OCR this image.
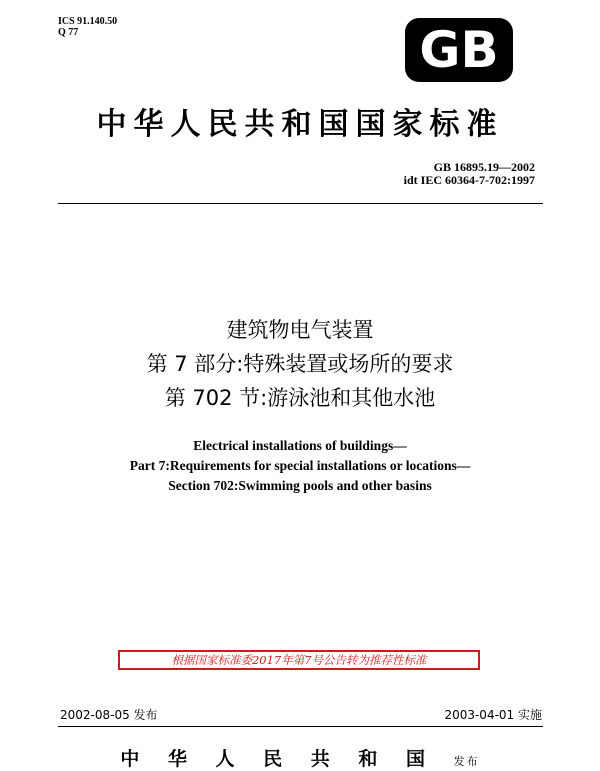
ICS 91.140.50
Q 77	GB
中华人民共和国国家标准
GB 16895.19—2002
idt IEC 60364-7-702:1997
建筑物电气装置
第 7 部分:特殊装置或场所的要求
第 702 节:游泳池和其他水池
Electrical installations of buildings—
Part 7:Requirements for special installations or locations—
Section 702:Swimming pools and other basins
根据国家标准委2017年第7号公告转为推荐性标准
2002-08-05 发布	2003-04-01 实施
中 华 人 民 共 和 国 发布
